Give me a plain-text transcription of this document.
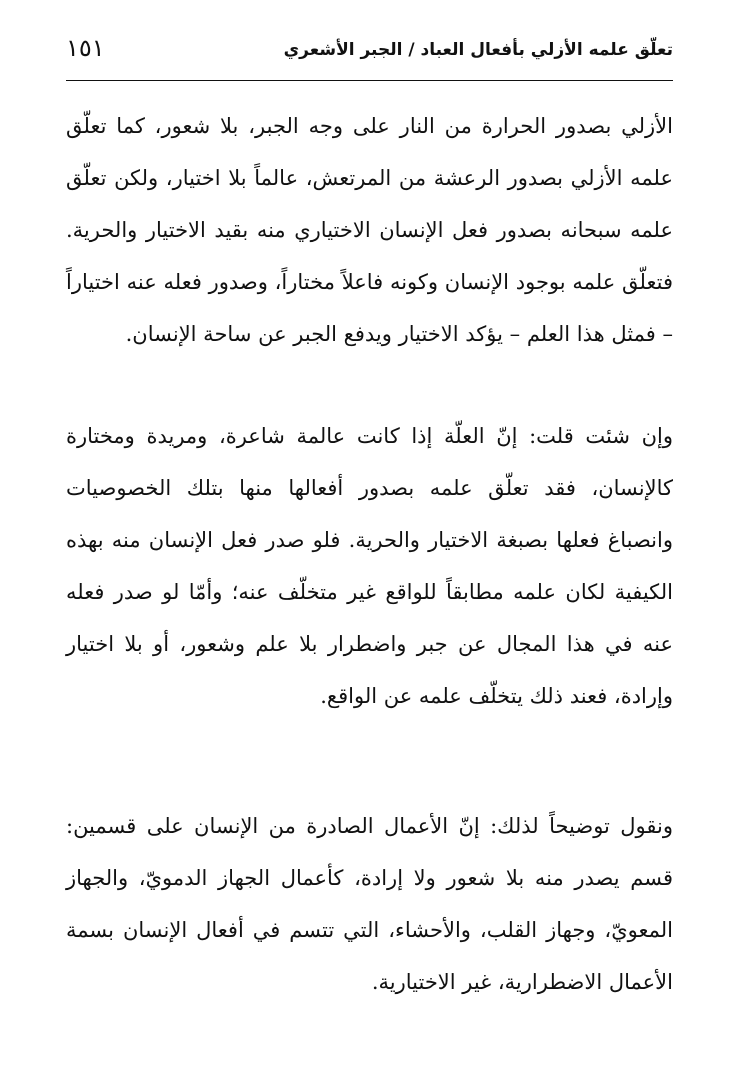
تعلّق علمه الأزلي بأفعال العباد / الجبر الأشعري
١٥١

الأزلي بصدور الحرارة من النار على وجه الجبر، بلا شعور، كما تعلّق علمه الأزلي بصدور الرعشة من المرتعش، عالماً بلا اختيار، ولكن تعلّق علمه سبحانه بصدور فعل الإنسان الاختياري منه بقيد الاختيار والحرية. فتعلّق علمه بوجود الإنسان وكونه فاعلاً مختاراً، وصدور فعله عنه اختياراً – فمثل هذا العلم – يؤكد الاختيار ويدفع الجبر عن ساحة الإنسان.

وإن شئت قلت: إنّ العلّة إذا كانت عالمة شاعرة، ومريدة ومختارة كالإنسان، فقد تعلّق علمه بصدور أفعالها منها بتلك الخصوصيات وانصباغ فعلها بصبغة الاختيار والحرية. فلو صدر فعل الإنسان منه بهذه الكيفية لكان علمه مطابقاً للواقع غير متخلّف عنه؛ وأمّا لو صدر فعله عنه في هذا المجال عن جبر واضطرار بلا علم وشعور، أو بلا اختيار وإرادة، فعند ذلك يتخلّف علمه عن الواقع.

ونقول توضيحاً لذلك: إنّ الأعمال الصادرة من الإنسان على قسمين: قسم يصدر منه بلا شعور ولا إرادة، كأعمال الجهاز الدمويّ، والجهاز المعويّ، وجهاز القلب، والأحشاء، التي تتسم في أفعال الإنسان بسمة الأعمال الاضطرارية، غير الاختيارية.
